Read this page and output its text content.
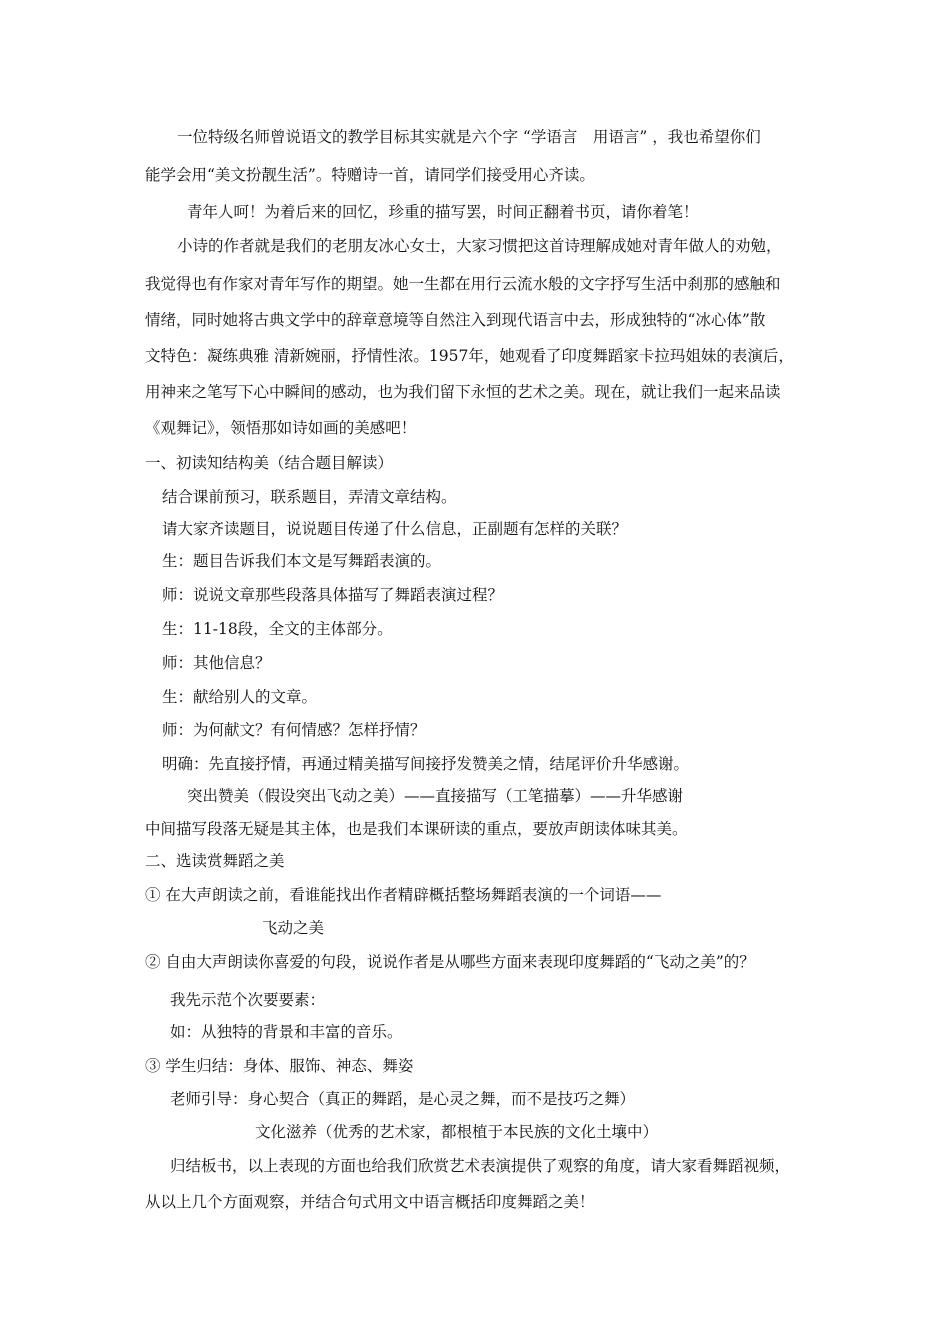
一位特级名师曾说语文的教学目标其实就是六个字 “学语言　用语言” ，我也希望你们
能学会用“美文扮靓生活”。特赠诗一首，请同学们接受用心齐读。
青年人呵！为着后来的回忆，珍重的描写罢，时间正翻着书页，请你着笔！
小诗的作者就是我们的老朋友冰心女士，大家习惯把这首诗理解成她对青年做人的劝勉，
我觉得也有作家对青年写作的期望。她一生都在用行云流水般的文字抒写生活中刹那的感触和
情绪，同时她将古典文学中的辞章意境等自然注入到现代语言中去，形成独特的“冰心体”散
文特色：凝练典雅 清新婉丽，抒情性浓。1957年，她观看了印度舞蹈家卡拉玛姐妹的表演后，
用神来之笔写下心中瞬间的感动，也为我们留下永恒的艺术之美。现在，就让我们一起来品读
《观舞记》，领悟那如诗如画的美感吧！
一、初读知结构美（结合题目解读）
结合课前预习，联系题目，弄清文章结构。
请大家齐读题目，说说题目传递了什么信息，正副题有怎样的关联？
生：题目告诉我们本文是写舞蹈表演的。
师：说说文章那些段落具体描写了舞蹈表演过程？
生：11-18段，全文的主体部分。
师：其他信息？
生：献给别人的文章。
师：为何献文？有何情感？怎样抒情？
明确：先直接抒情，再通过精美描写间接抒发赞美之情，结尾评价升华感谢。
突出赞美（假设突出飞动之美）——直接描写（工笔描摹）——升华感谢
中间描写段落无疑是其主体，也是我们本课研读的重点，要放声朗读体味其美。
二、选读赏舞蹈之美
① 在大声朗读之前，看谁能找出作者精辟概括整场舞蹈表演的一个词语——
飞动之美
② 自由大声朗读你喜爱的句段，说说作者是从哪些方面来表现印度舞蹈的“飞动之美”的？
我先示范个次要要素：
如：从独特的背景和丰富的音乐。
③ 学生归结：身体、服饰、神态、舞姿
老师引导：身心契合（真正的舞蹈，是心灵之舞，而不是技巧之舞）
文化滋养（优秀的艺术家，都根植于本民族的文化土壤中）
归结板书，以上表现的方面也给我们欣赏艺术表演提供了观察的角度，请大家看舞蹈视频，
从以上几个方面观察，并结合句式用文中语言概括印度舞蹈之美！
